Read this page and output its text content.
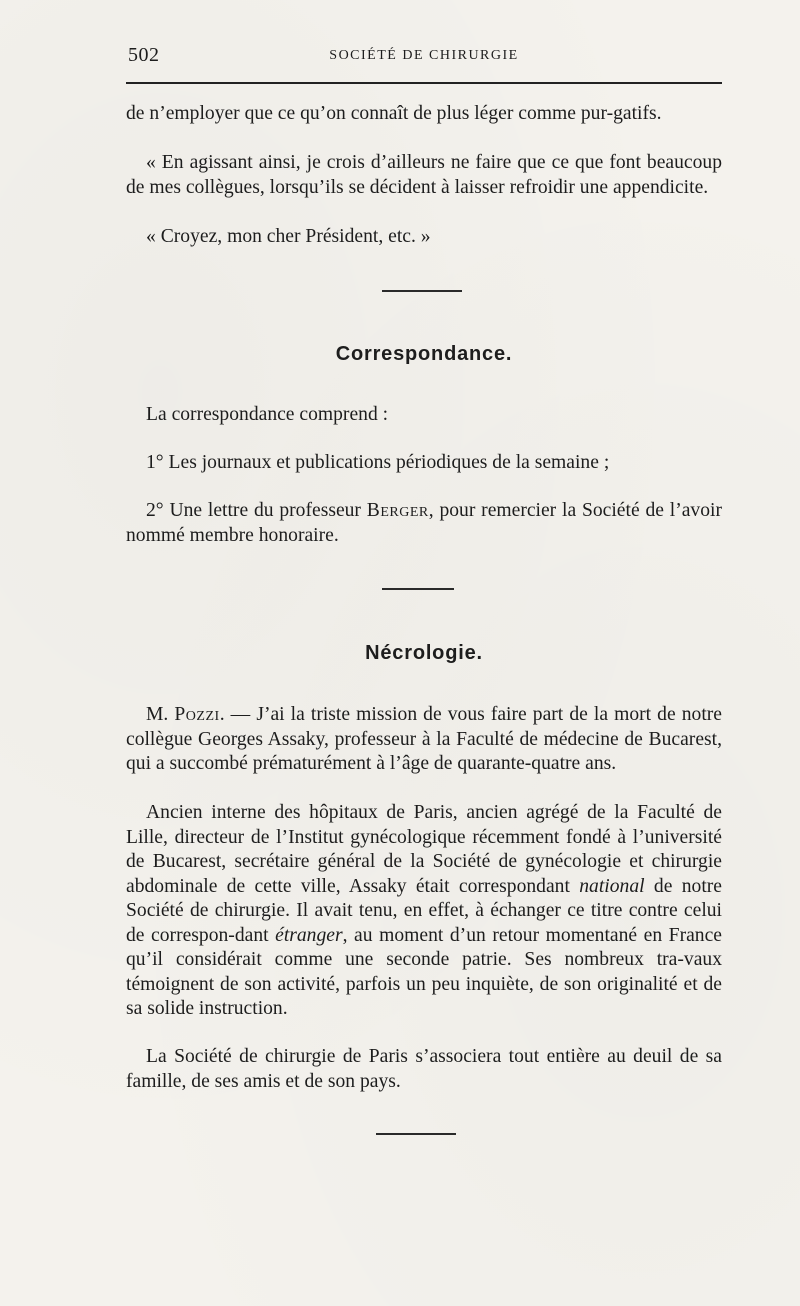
502	SOCIÉTÉ DE CHIRURGIE

de n’employer que ce qu’on connaît de plus léger comme pur-gatifs.

« En agissant ainsi, je crois d’ailleurs ne faire que ce que font beaucoup de mes collègues, lorsqu’ils se décident à laisser refroidir une appendicite.

« Croyez, mon cher Président, etc. »

Correspondance.

La correspondance comprend :

1° Les journaux et publications périodiques de la semaine ;

2° Une lettre du professeur Berger, pour remercier la Société de l’avoir nommé membre honoraire.

Nécrologie.

M. Pozzi. — J’ai la triste mission de vous faire part de la mort de notre collègue Georges Assaky, professeur à la Faculté de médecine de Bucarest, qui a succombé prématurément à l’âge de quarante-quatre ans.

Ancien interne des hôpitaux de Paris, ancien agrégé de la Faculté de Lille, directeur de l’Institut gynécologique récemment fondé à l’université de Bucarest, secrétaire général de la Société de gynécologie et chirurgie abdominale de cette ville, Assaky était correspondant national de notre Société de chirurgie. Il avait tenu, en effet, à échanger ce titre contre celui de correspon-dant étranger, au moment d’un retour momentané en France qu’il considérait comme une seconde patrie. Ses nombreux tra-vaux témoignent de son activité, parfois un peu inquiète, de son originalité et de sa solide instruction.

La Société de chirurgie de Paris s’associera tout entière au deuil de sa famille, de ses amis et de son pays.
